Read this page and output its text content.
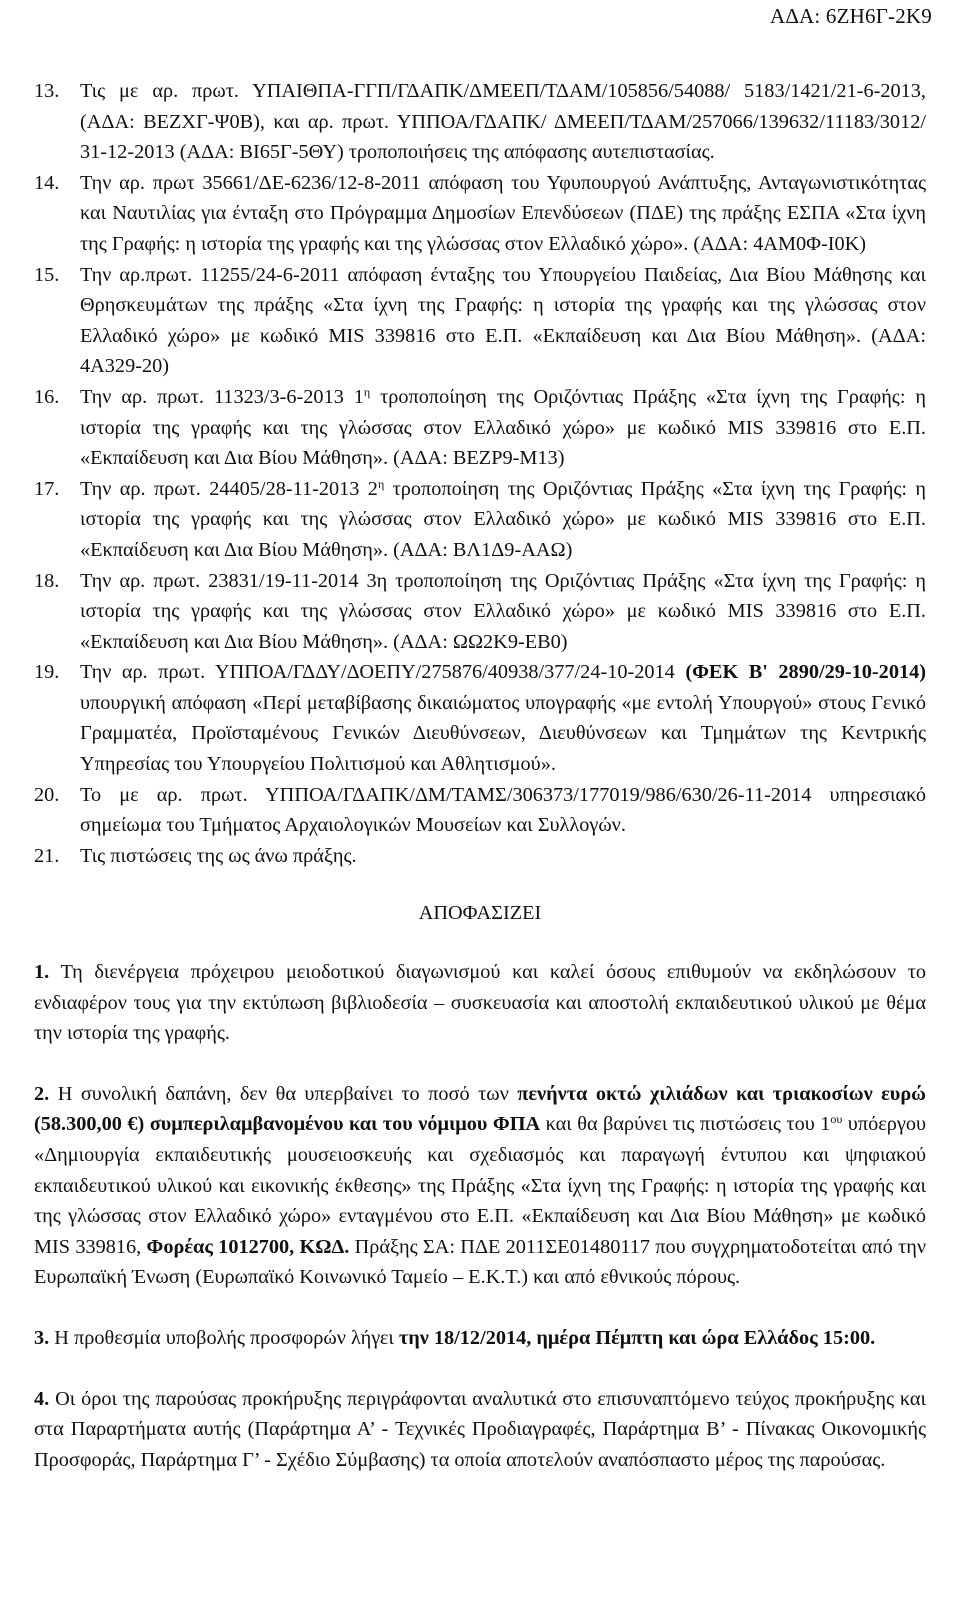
ΑΔΑ: 6ΖΗ6Γ-2Κ9
13. Τις με αρ. πρωτ. ΥΠΑΙΘΠΑ-ΓΓΠ/ΓΔΑΠΚ/ΔΜΕΕΠ/ΤΔΑΜ/105856/54088/ 5183/1421/21-6-2013, (ΑΔΑ: ΒΕΖΧΓ-Ψ0Β), και αρ. πρωτ. ΥΠΠΟΑ/ΓΔΑΠΚ/ ΔΜΕΕΠ/ΤΔΑΜ/257066/139632/11183/3012/ 31-12-2013 (ΑΔΑ: ΒΙ65Γ-5ΘΥ) τροποποιήσεις της απόφασης αυτεπιστασίας.
14. Την αρ. πρωτ 35661/ΔΕ-6236/12-8-2011 απόφαση του Υφυπουργού Ανάπτυξης, Ανταγωνιστικότητας και Ναυτιλίας για ένταξη στο Πρόγραμμα Δημοσίων Επενδύσεων (ΠΔΕ) της πράξης ΕΣΠΑ «Στα ίχνη της Γραφής: η ιστορία της γραφής και της γλώσσας στον Ελλαδικό χώρο». (ΑΔΑ: 4ΑΜ0Φ-Ι0Κ)
15. Την αρ.πρωτ. 11255/24-6-2011 απόφαση ένταξης του Υπουργείου Παιδείας, Δια Βίου Μάθησης και Θρησκευμάτων της πράξης «Στα ίχνη της Γραφής: η ιστορία της γραφής και της γλώσσας στον Ελλαδικό χώρο» με κωδικό MIS 339816 στο Ε.Π. «Εκπαίδευση και Δια Βίου Μάθηση». (ΑΔΑ: 4Α329-20)
16. Την αρ. πρωτ. 11323/3-6-2013 $1^\eta$ τροποποίηση της Οριζόντιας Πράξης «Στα ίχνη της Γραφής: η ιστορία της γραφής και της γλώσσας στον Ελλαδικό χώρο» με κωδικό MIS 339816 στο Ε.Π. «Εκπαίδευση και Δια Βίου Μάθηση». (ΑΔΑ: ΒΕΖΡ9-Μ13)
17. Την αρ. πρωτ. 24405/28-11-2013 $2^\eta$ τροποποίηση της Οριζόντιας Πράξης «Στα ίχνη της Γραφής: η ιστορία της γραφής και της γλώσσας στον Ελλαδικό χώρο» με κωδικό MIS 339816 στο Ε.Π. «Εκπαίδευση και Δια Βίου Μάθηση». (ΑΔΑ: ΒΛ1Δ9-ΑΑΩ)
18. Την αρ. πρωτ. 23831/19-11-2014 3η τροποποίηση της Οριζόντιας Πράξης «Στα ίχνη της Γραφής: η ιστορία της γραφής και της γλώσσας στον Ελλαδικό χώρο» με κωδικό MIS 339816 στο Ε.Π. «Εκπαίδευση και Δια Βίου Μάθηση». (ΑΔΑ: ΩΩ2Κ9-ΕΒ0)
19. Την αρ. πρωτ. ΥΠΠΟΑ/ΓΔΔΥ/ΔΟΕΠΥ/275876/40938/377/24-10-2014 (ΦΕΚ Β' 2890/29-10-2014) υπουργική απόφαση «Περί μεταβίβασης δικαιώματος υπογραφής «με εντολή Υπουργού» στους Γενικό Γραμματέα, Προϊσταμένους Γενικών Διευθύνσεων, Διευθύνσεων και Τμημάτων της Κεντρικής Υπηρεσίας του Υπουργείου Πολιτισμού και Αθλητισμού».
20. Το με αρ. πρωτ. ΥΠΠΟΑ/ΓΔΑΠΚ/ΔΜ/ΤΑΜΣ/306373/177019/986/630/26-11-2014 υπηρεσιακό σημείωμα του Τμήματος Αρχαιολογικών Μουσείων και Συλλογών.
21. Τις πιστώσεις της ως άνω πράξης.
ΑΠΟΦΑΣΙΖΕΙ
1. Τη διενέργεια πρόχειρου μειοδοτικού διαγωνισμού και καλεί όσους επιθυμούν να εκδηλώσουν το ενδιαφέρον τους για την εκτύπωση βιβλιοδεσία – συσκευασία και αποστολή εκπαιδευτικού υλικού με θέμα την ιστορία της γραφής.
2. Η συνολική δαπάνη, δεν θα υπερβαίνει το ποσό των πενήντα οκτώ χιλιάδων και τριακοσίων ευρώ (58.300,00 €) συμπεριλαμβανομένου και του νόμιμου ΦΠΑ και θα βαρύνει τις πιστώσεις του $1^{o\upsilon}$ υπόεργου «Δημιουργία εκπαιδευτικής μουσειοσκευής και σχεδιασμός και παραγωγή έντυπου και ψηφιακού εκπαιδευτικού υλικού και εικονικής έκθεσης» της Πράξης «Στα ίχνη της Γραφής: η ιστορία της γραφής και της γλώσσας στον Ελλαδικό χώρο» ενταγμένου στο Ε.Π. «Εκπαίδευση και Δια Βίου Μάθηση» με κωδικό MIS 339816, Φορέας 1012700, ΚΩΔ. Πράξης ΣΑ: ΠΔΕ 2011ΣΕ01480117 που συγχρηματοδοτείται από την Ευρωπαϊκή Ένωση (Ευρωπαϊκό Κοινωνικό Ταμείο – Ε.Κ.Τ.) και από εθνικούς πόρους.
3. Η προθεσμία υποβολής προσφορών λήγει την 18/12/2014, ημέρα Πέμπτη και ώρα Ελλάδος 15:00.
4. Οι όροι της παρούσας προκήρυξης περιγράφονται αναλυτικά στο επισυναπτόμενο τεύχος προκήρυξης και στα Παραρτήματα αυτής (Παράρτημα Α’ - Τεχνικές Προδιαγραφές, Παράρτημα Β’ - Πίνακας Οικονομικής Προσφοράς, Παράρτημα Γ’ - Σχέδιο Σύμβασης) τα οποία αποτελούν αναπόσπαστο μέρος της παρούσας.
